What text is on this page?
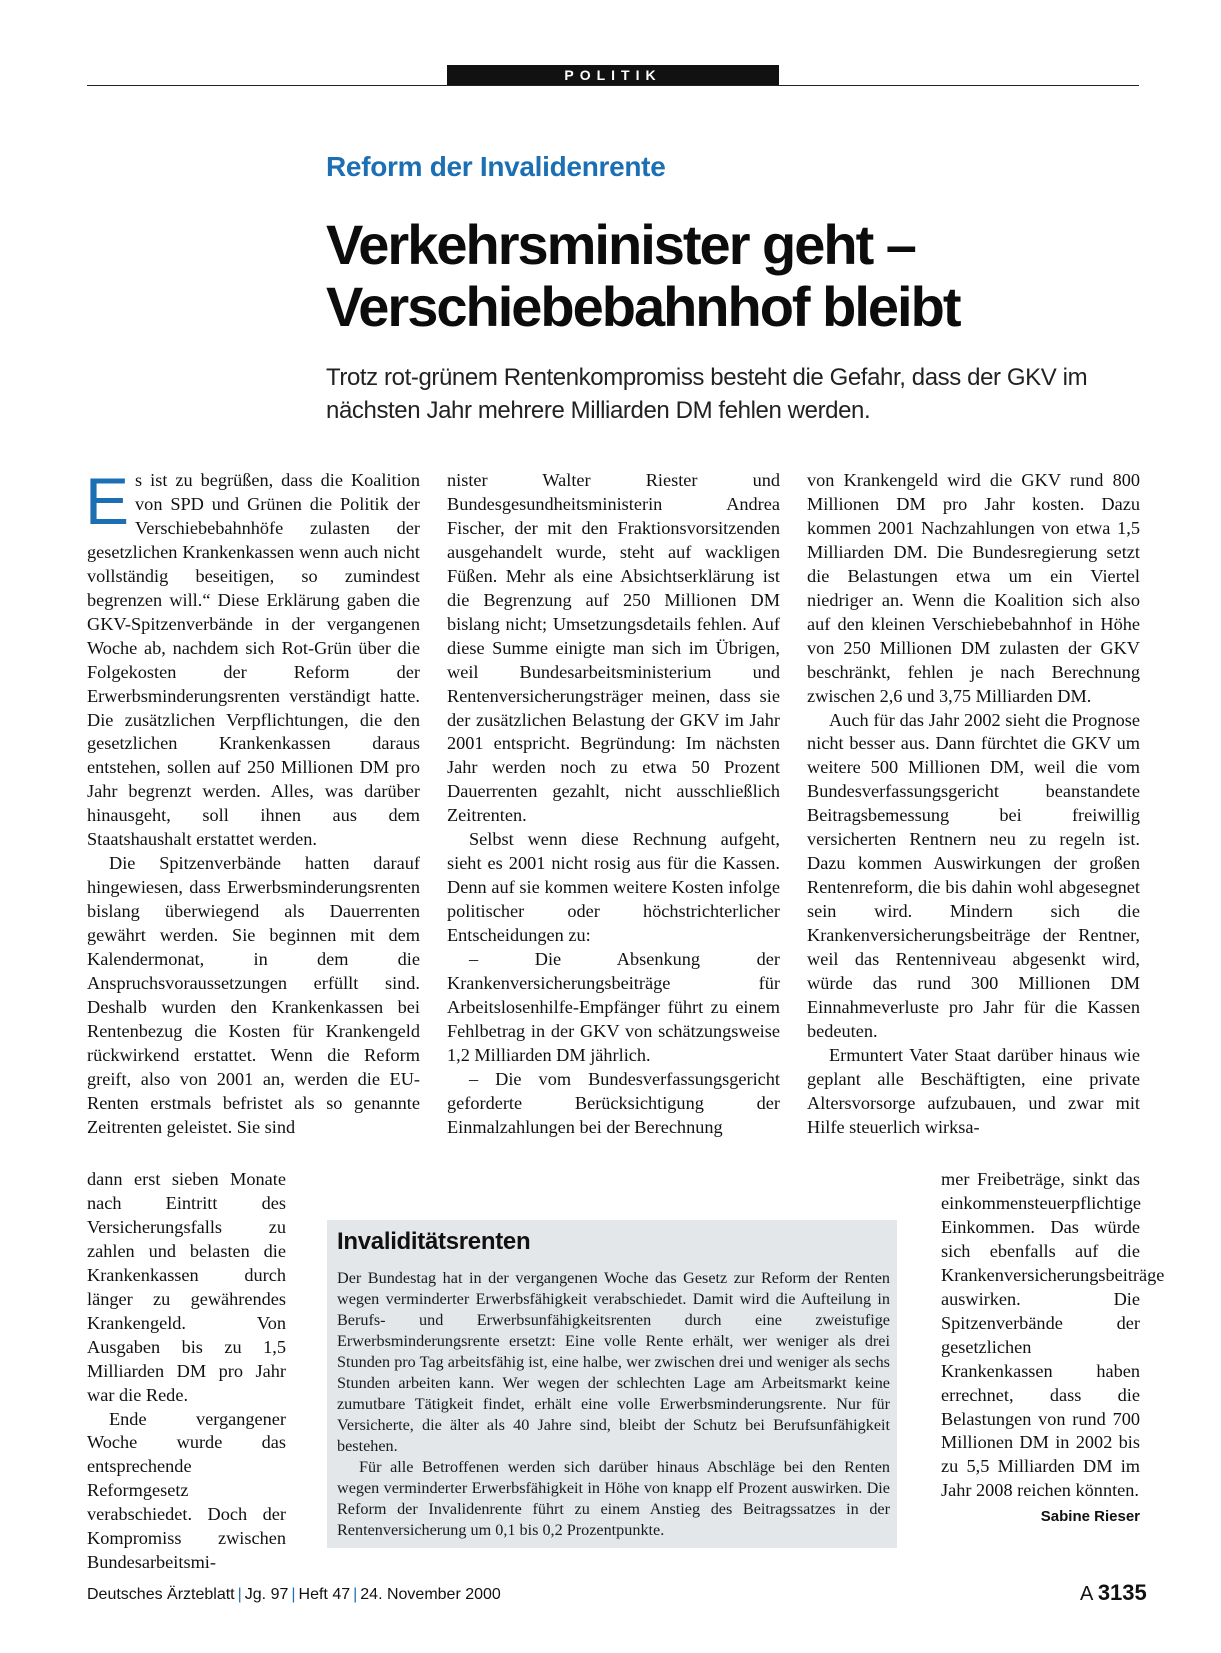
POLITIK
Reform der Invalidenrente
Verkehrsminister geht –
Verschiebebahnhof bleibt
Trotz rot-grünem Rentenkompromiss besteht die Gefahr, dass der GKV im nächsten Jahr mehrere Milliarden DM fehlen werden.

Es ist zu begrüßen, dass die Koalition von SPD und Grünen die Politik der Verschiebebahnhöfe zulasten der gesetzlichen Krankenkassen wenn auch nicht vollständig beseitigen, so zumindest begrenzen will.“ Diese Erklärung gaben die GKV-Spitzenverbände in der vergangenen Woche ab, nachdem sich Rot-Grün über die Folgekosten der Reform der Erwerbsminderungsrenten verständigt hatte. Die zusätzlichen Verpflichtungen, die den gesetzlichen Krankenkassen daraus entstehen, sollen auf 250 Millionen DM pro Jahr begrenzt werden. Alles, was darüber hinausgeht, soll ihnen aus dem Staatshaushalt erstattet werden.

Die Spitzenverbände hatten darauf hingewiesen, dass Erwerbsminderungsrenten bislang überwiegend als Dauerrenten gewährt werden. Sie beginnen mit dem Kalendermonat, in dem die Anspruchsvoraussetzungen erfüllt sind. Deshalb wurden den Krankenkassen bei Rentenbezug die Kosten für Krankengeld rückwirkend erstattet. Wenn die Reform greift, also von 2001 an, werden die EU-Renten erstmals befristet als so genannte Zeitrenten geleistet. Sie sind

dann erst sieben Monate nach Eintritt des Versicherungsfalls zu zahlen und belasten die Krankenkassen durch länger zu gewährendes Krankengeld. Von Ausgaben bis zu 1,5 Milliarden DM pro Jahr war die Rede.

Ende vergangener Woche wurde das entsprechende Reformgesetz verabschiedet. Doch der Kompromiss zwischen Bundesarbeitsmi-

nister Walter Riester und Bundesgesundheitsministerin Andrea Fischer, der mit den Fraktionsvorsitzenden ausgehandelt wurde, steht auf wackligen Füßen. Mehr als eine Absichtserklärung ist die Begrenzung auf 250 Millionen DM bislang nicht; Umsetzungsdetails fehlen. Auf diese Summe einigte man sich im Übrigen, weil Bundesarbeitsministerium und Rentenversicherungsträger meinen, dass sie der zusätzlichen Belastung der GKV im Jahr 2001 entspricht. Begründung: Im nächsten Jahr werden noch zu etwa 50 Prozent Dauerrenten gezahlt, nicht ausschließlich Zeitrenten.

Selbst wenn diese Rechnung aufgeht, sieht es 2001 nicht rosig aus für die Kassen. Denn auf sie kommen weitere Kosten infolge politischer oder höchstrichterlicher Entscheidungen zu:

– Die Absenkung der Krankenversicherungsbeiträge für Arbeitslosenhilfe-Empfänger führt zu einem Fehlbetrag in der GKV von schätzungsweise 1,2 Milliarden DM jährlich.

– Die vom Bundesverfassungsgericht geforderte Berücksichtigung der Einmalzahlungen bei der Berechnung

von Krankengeld wird die GKV rund 800 Millionen DM pro Jahr kosten. Dazu kommen 2001 Nachzahlungen von etwa 1,5 Milliarden DM. Die Bundesregierung setzt die Belastungen etwa um ein Viertel niedriger an. Wenn die Koalition sich also auf den kleinen Verschiebebahnhof in Höhe von 250 Millionen DM zulasten der GKV beschränkt, fehlen je nach Berechnung zwischen 2,6 und 3,75 Milliarden DM.

Auch für das Jahr 2002 sieht die Prognose nicht besser aus. Dann fürchtet die GKV um weitere 500 Millionen DM, weil die vom Bundesverfassungsgericht beanstandete Beitragsbemessung bei freiwillig versicherten Rentnern neu zu regeln ist. Dazu kommen Auswirkungen der großen Rentenreform, die bis dahin wohl abgesegnet sein wird. Mindern sich die Krankenversicherungsbeiträge der Rentner, weil das Rentenniveau abgesenkt wird, würde das rund 300 Millionen DM Einnahmeverluste pro Jahr für die Kassen bedeuten.

Ermuntert Vater Staat darüber hinaus wie geplant alle Beschäftigten, eine private Altersvorsorge aufzubauen, und zwar mit Hilfe steuerlich wirksa-

mer Freibeträge, sinkt das einkommensteuerpflichtige Einkommen. Das würde sich ebenfalls auf die Krankenversicherungsbeiträge auswirken. Die Spitzenverbände der gesetzlichen Krankenkassen haben errechnet, dass die Belastungen von rund 700 Millionen DM in 2002 bis zu 5,5 Milliarden DM im Jahr 2008 reichen könnten.
Sabine Rieser

Invaliditätsrenten

Der Bundestag hat in der vergangenen Woche das Gesetz zur Reform der Renten wegen verminderter Erwerbsfähigkeit verabschiedet. Damit wird die Aufteilung in Berufs- und Erwerbsunfähigkeitsrenten durch eine zweistufige Erwerbsminderungsrente ersetzt: Eine volle Rente erhält, wer weniger als drei Stunden pro Tag arbeitsfähig ist, eine halbe, wer zwischen drei und weniger als sechs Stunden arbeiten kann. Wer wegen der schlechten Lage am Arbeitsmarkt keine zumutbare Tätigkeit findet, erhält eine volle Erwerbsminderungsrente. Nur für Versicherte, die älter als 40 Jahre sind, bleibt der Schutz bei Berufsunfähigkeit bestehen.

Für alle Betroffenen werden sich darüber hinaus Abschläge bei den Renten wegen verminderter Erwerbsfähigkeit in Höhe von knapp elf Prozent auswirken. Die Reform der Invalidenrente führt zu einem Anstieg des Beitragssatzes in der Rentenversicherung um 0,1 bis 0,2 Prozentpunkte.

Deutsches Ärzteblatt | Jg. 97 | Heft 47 | 24. November 2000	A 3135
